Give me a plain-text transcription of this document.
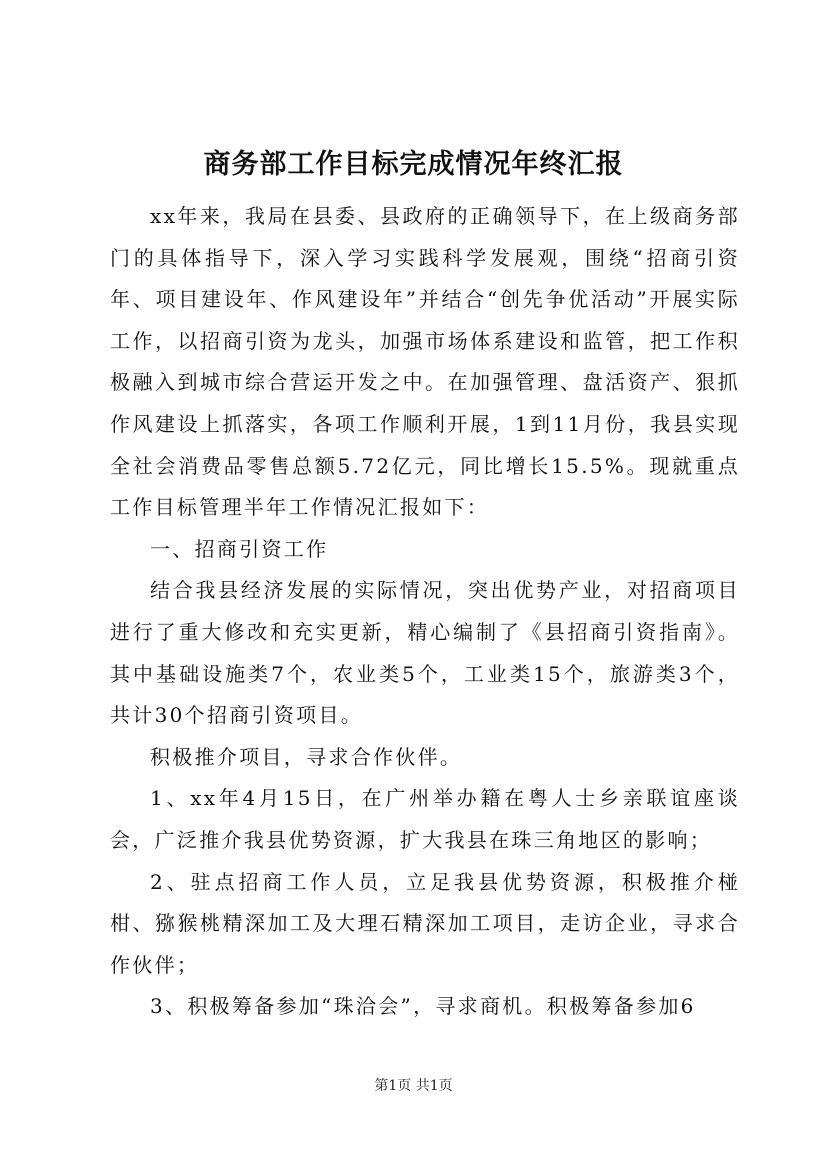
商务部工作目标完成情况年终汇报

xx年来，我局在县委、县政府的正确领导下，在上级商务部门的具体指导下，深入学习实践科学发展观，围绕“招商引资年、项目建设年、作风建设年”并结合“创先争优活动”开展实际工作，以招商引资为龙头，加强市场体系建设和监管，把工作积极融入到城市综合营运开发之中。在加强管理、盘活资产、狠抓作风建设上抓落实，各项工作顺利开展，1到11月份，我县实现全社会消费品零售总额5.72亿元，同比增长15.5%。现就重点工作目标管理半年工作情况汇报如下：

一、招商引资工作

结合我县经济发展的实际情况，突出优势产业，对招商项目进行了重大修改和充实更新，精心编制了《县招商引资指南》。其中基础设施类7个，农业类5个，工业类15个，旅游类3个，共计30个招商引资项目。

积极推介项目，寻求合作伙伴。

1、xx年4月15日，在广州举办籍在粤人士乡亲联谊座谈会，广泛推介我县优势资源，扩大我县在珠三角地区的影响；

2、驻点招商工作人员，立足我县优势资源，积极推介椪柑、猕猴桃精深加工及大理石精深加工项目，走访企业，寻求合作伙伴；

3、积极筹备参加“珠洽会”，寻求商机。积极筹备参加6

第1页 共1页
